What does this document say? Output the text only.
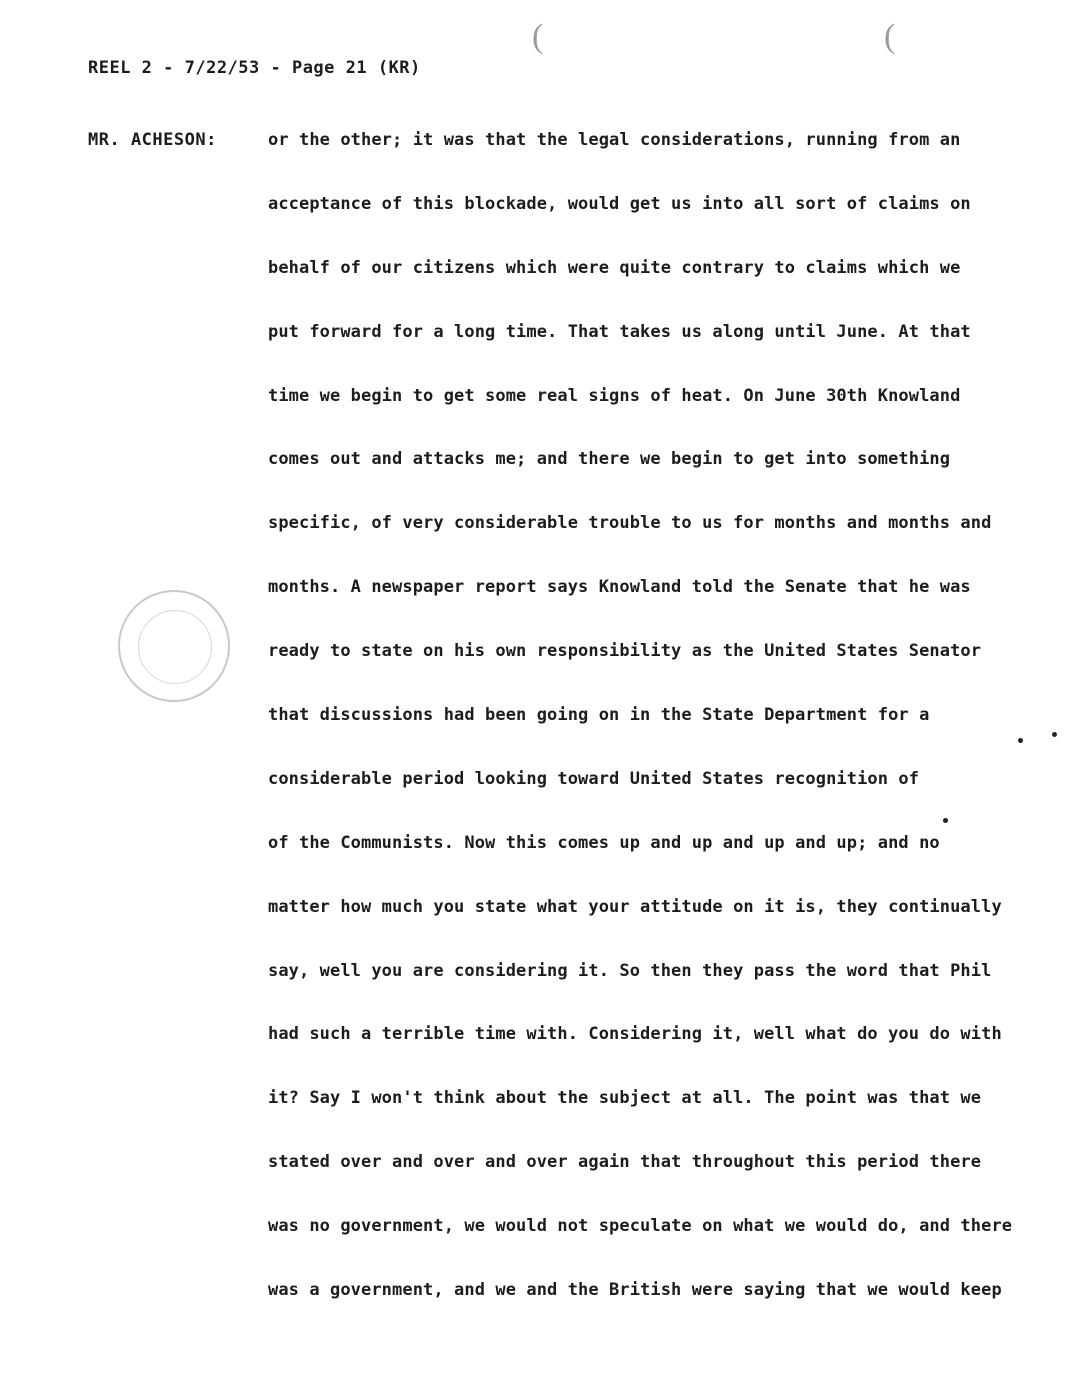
(	(
REEL 2 - 7/22/53 - Page 21 (KR)
MR. ACHESON:	or the other; it was that the legal considerations, running from an
acceptance of this blockade, would get us into all sort of claims on
behalf of our citizens which were quite contrary to claims which we
put forward for a long time. That takes us along until June. At that
time we begin to get some real signs of heat. On June 30th Knowland
comes out and attacks me; and there we begin to get into something
specific, of very considerable trouble to us for months and months and
months. A newspaper report says Knowland told the Senate that he was
ready to state on his own responsibility as the United States Senator
that discussions had been going on in the State Department for a
considerable period looking toward United States recognition of
of the Communists. Now this comes up and up and up and up; and no
matter how much you state what your attitude on it is, they continually
say, well you are considering it. So then they pass the word that Phil
had such a terrible time with. Considering it, well what do you do with
it? Say I won't think about the subject at all. The point was that we
stated over and over and over again that throughout this period there
was no government, we would not speculate on what we would do, and there
was a government, and we and the British were saying that we would keep
